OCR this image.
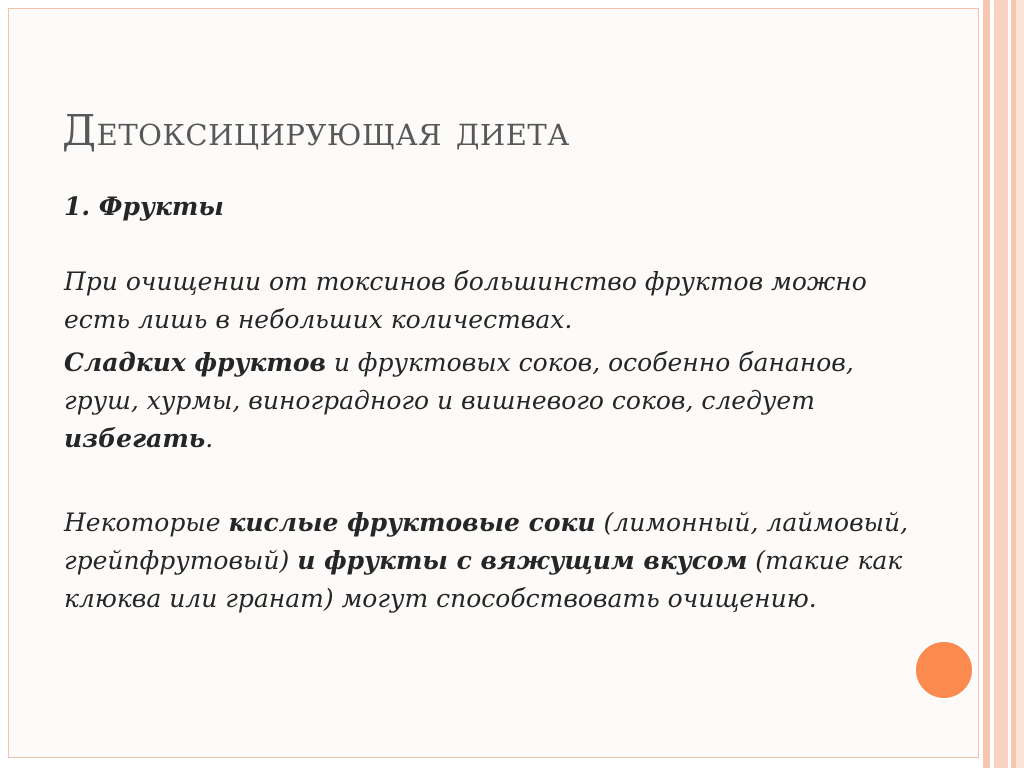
Детоксицирующая диета

1. Фрукты

При очищении от токсинов большинство фруктов можно есть лишь в небольших количествах.

Сладких фруктов и фруктовых соков, особенно бананов, груш, хурмы, виноградного и вишневого соков, следует избегать.

Некоторые кислые фруктовые соки (лимонный, лаймовый, грейпфрутовый) и фрукты с вяжущим вкусом (такие как клюква или гранат) могут способствовать очищению.
